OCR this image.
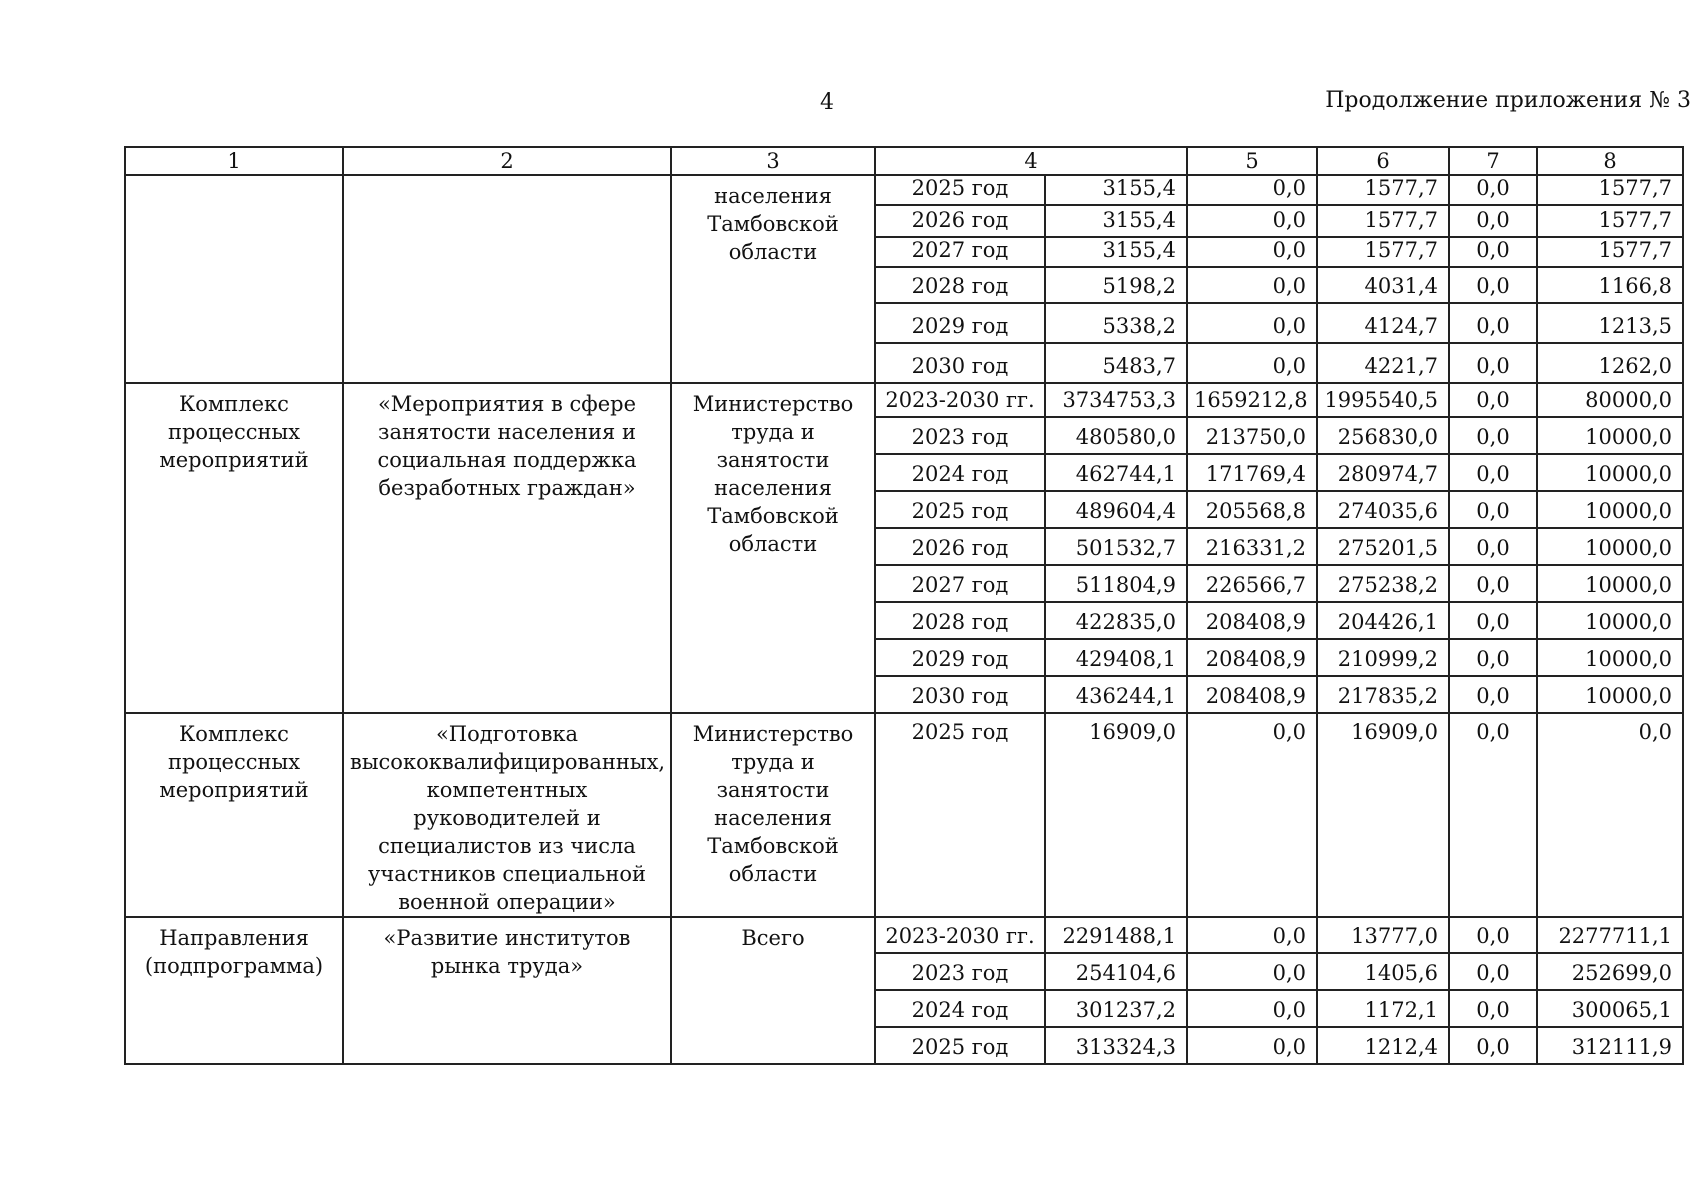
4	Продолжение приложения № 3
1	2	3	4		5	6	7	8
		населения Тамбовской области	2025 год	3155,4	0,0	1577,7	0,0	1577,7
			2026 год	3155,4	0,0	1577,7	0,0	1577,7
			2027 год	3155,4	0,0	1577,7	0,0	1577,7
			2028 год	5198,2	0,0	4031,4	0,0	1166,8
			2029 год	5338,2	0,0	4124,7	0,0	1213,5
			2030 год	5483,7	0,0	4221,7	0,0	1262,0
Комплекс процессных мероприятий	«Мероприятия в сфере занятости населения и социальная поддержка безработных граждан»	Министерство труда и занятости населения Тамбовской области	2023-2030 гг.	3734753,3	1659212,8	1995540,5	0,0	80000,0
			2023 год	480580,0	213750,0	256830,0	0,0	10000,0
			2024 год	462744,1	171769,4	280974,7	0,0	10000,0
			2025 год	489604,4	205568,8	274035,6	0,0	10000,0
			2026 год	501532,7	216331,2	275201,5	0,0	10000,0
			2027 год	511804,9	226566,7	275238,2	0,0	10000,0
			2028 год	422835,0	208408,9	204426,1	0,0	10000,0
			2029 год	429408,1	208408,9	210999,2	0,0	10000,0
			2030 год	436244,1	208408,9	217835,2	0,0	10000,0
Комплекс процессных мероприятий	«Подготовка высококвалифицированных, компетентных руководителей и специалистов из числа участников специальной военной операции»	Министерство труда и занятости населения Тамбовской области	2025 год	16909,0	0,0	16909,0	0,0	0,0
Направления (подпрограмма)	«Развитие институтов рынка труда»	Всего	2023-2030 гг.	2291488,1	0,0	13777,0	0,0	2277711,1
			2023 год	254104,6	0,0	1405,6	0,0	252699,0
			2024 год	301237,2	0,0	1172,1	0,0	300065,1
			2025 год	313324,3	0,0	1212,4	0,0	312111,9
